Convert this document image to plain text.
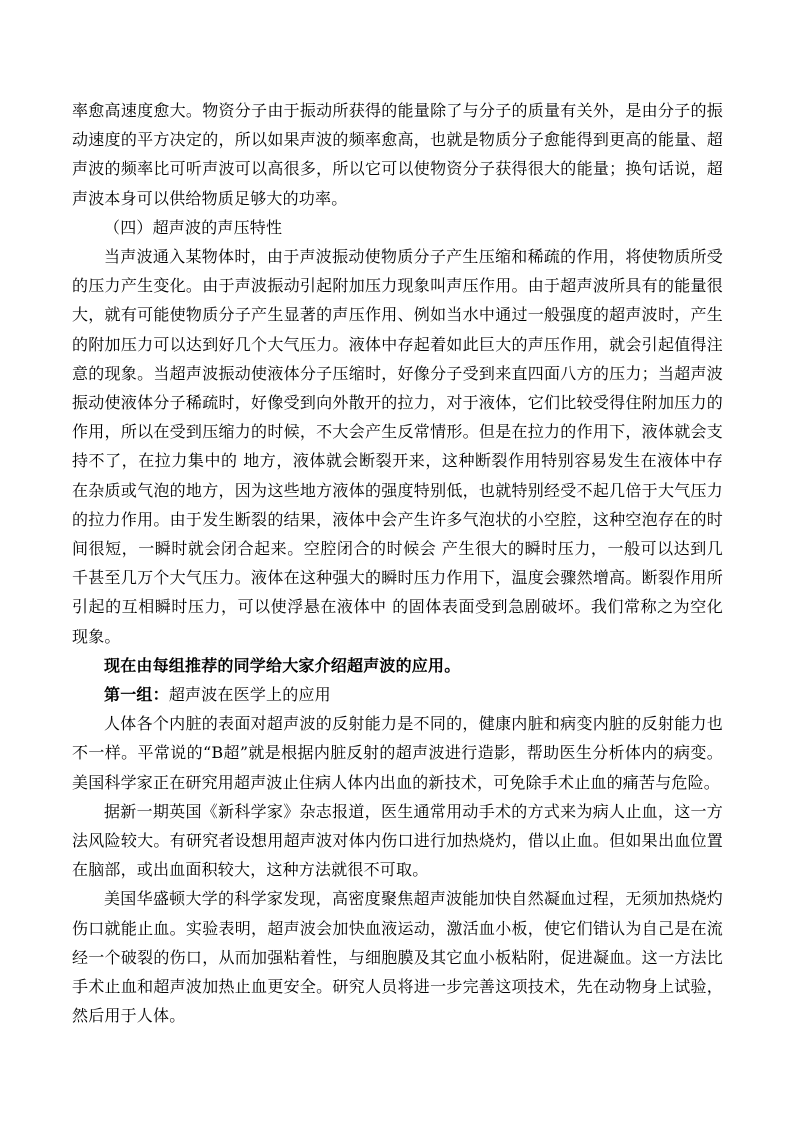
率愈高速度愈大。物资分子由于振动所获得的能量除了与分子的质量有关外，是由分子的振动速度的平方决定的，所以如果声波的频率愈高，也就是物质分子愈能得到更高的能量、超声波的频率比可听声波可以高很多，所以它可以使物资分子获得很大的能量；换句话说，超声波本身可以供给物质足够大的功率。

（四）超声波的声压特性

当声波通入某物体时，由于声波振动使物质分子产生压缩和稀疏的作用，将使物质所受的压力产生变化。由于声波振动引起附加压力现象叫声压作用。由于超声波所具有的能量很大，就有可能使物质分子产生显著的声压作用、例如当水中通过一般强度的超声波时，产生的附加压力可以达到好几个大气压力。液体中存起着如此巨大的声压作用，就会引起值得注意的现象。当超声波振动使液体分子压缩时，好像分子受到来直四面八方的压力；当超声波振动使液体分子稀疏时，好像受到向外散开的拉力，对于液体，它们比较受得住附加压力的作用，所以在受到压缩力的时候，不大会产生反常情形。但是在拉力的作用下，液体就会支持不了，在拉力集中的 地方，液体就会断裂开来，这种断裂作用特别容易发生在液体中存在杂质或气泡的地方，因为这些地方液体的强度特别低，也就特别经受不起几倍于大气压力的拉力作用。由于发生断裂的结果，液体中会产生许多气泡状的小空腔，这种空泡存在的时间很短，一瞬时就会闭合起来。空腔闭合的时候会 产生很大的瞬时压力，一般可以达到几千甚至几万个大气压力。液体在这种强大的瞬时压力作用下，温度会骤然增高。断裂作用所引起的互相瞬时压力，可以使浮悬在液体中 的固体表面受到急剧破坏。我们常称之为空化现象。

现在由每组推荐的同学给大家介绍超声波的应用。

第一组：超声波在医学上的应用

人体各个内脏的表面对超声波的反射能力是不同的，健康内脏和病变内脏的反射能力也不一样。平常说的“B超”就是根据内脏反射的超声波进行造影，帮助医生分析体内的病变。美国科学家正在研究用超声波止住病人体内出血的新技术，可免除手术止血的痛苦与危险。

据新一期英国《新科学家》杂志报道，医生通常用动手术的方式来为病人止血，这一方法风险较大。有研究者设想用超声波对体内伤口进行加热烧灼，借以止血。但如果出血位置在脑部，或出血面积较大，这种方法就很不可取。

美国华盛顿大学的科学家发现，高密度聚焦超声波能加快自然凝血过程，无须加热烧灼伤口就能止血。实验表明，超声波会加快血液运动，激活血小板，使它们错认为自己是在流经一个破裂的伤口，从而加强粘着性，与细胞膜及其它血小板粘附，促进凝血。这一方法比手术止血和超声波加热止血更安全。研究人员将进一步完善这项技术，先在动物身上试验，然后用于人体。
